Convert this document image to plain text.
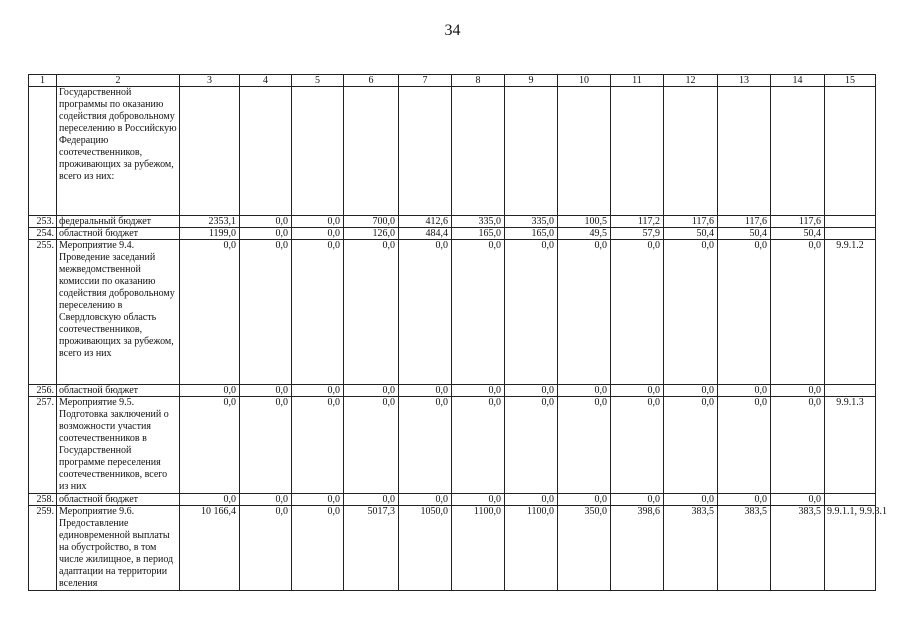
34
1	2	3	4	5	6	7	8	9	10	11	12	13	14	15
	Государственной программы по оказанию содействия добровольному переселению в Российскую Федерацию соотечественников, проживающих за рубежом, всего из них:													
253.	федеральный бюджет	2353,1	0,0	0,0	700,0	412,6	335,0	335,0	100,5	117,2	117,6	117,6	117,6	
254.	областной бюджет	1199,0	0,0	0,0	126,0	484,4	165,0	165,0	49,5	57,9	50,4	50,4	50,4	
255.	Мероприятие 9.4. Проведение заседаний межведомственной комиссии по оказанию содействия добровольному переселению в Свердловскую область соотечественников, проживающих за рубежом, всего из них	0,0	0,0	0,0	0,0	0,0	0,0	0,0	0,0	0,0	0,0	0,0	0,0	9.9.1.2
256.	областной бюджет	0,0	0,0	0,0	0,0	0,0	0,0	0,0	0,0	0,0	0,0	0,0	0,0	
257.	Мероприятие 9.5. Подготовка заключений о возможности участия соотечественников в Государственной программе переселения соотечественников, всего из них	0,0	0,0	0,0	0,0	0,0	0,0	0,0	0,0	0,0	0,0	0,0	0,0	9.9.1.3
258.	областной бюджет	0,0	0,0	0,0	0,0	0,0	0,0	0,0	0,0	0,0	0,0	0,0	0,0	
259.	Мероприятие 9.6. Предоставление единовременной выплаты на обустройство, в том числе жилищное, в период адаптации на территории вселения	10 166,4	0,0	0,0	5017,3	1050,0	1100,0	1100,0	350,0	398,6	383,5	383,5	383,5	9.9.1.1, 9.9.3.1
